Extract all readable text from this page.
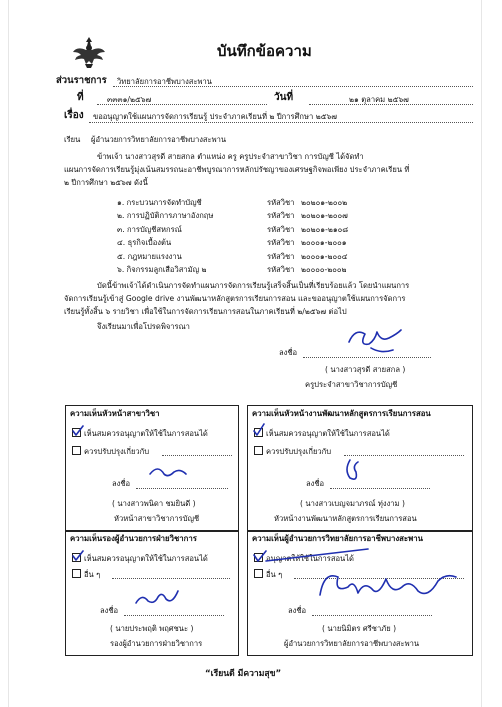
บันทึกข้อความ
ส่วนราชการ วิทยาลัยการอาชีพบางสะพาน
ที่	๓๓๓๑/๒๕๖๗	วันที่	๒๑ ตุลาคม ๒๕๖๗
เรื่อง ขออนุญาตใช้แผนการจัดการเรียนรู้ ประจำภาคเรียนที่ ๒ ปีการศึกษา ๒๕๖๗
เรียน ผู้อำนวยการวิทยาลัยการอาชีพบางสะพาน
ข้าพเจ้า นางสาวสุรดี สายสกล ตำแหน่ง ครู ครูประจำสาขาวิชา การบัญชี ได้จัดทำ
แผนการจัดการเรียนรู้มุ่งเน้นสมรรถนะอาชีพบูรณาการหลักปรัชญาของเศรษฐกิจพอเพียง ประจำภาคเรียน ที่
๒ ปีการศึกษา ๒๕๖๗ ดังนี้
๑. กระบวนการจัดทำบัญชี	รหัสวิชา	๒๐๒๐๑-๒๐๐๒
๒. การปฏิบัติการภาษาอังกฤษ	รหัสวิชา	๒๐๒๐๑-๒๐๐๗
๓. การบัญชีสหกรณ์	รหัสวิชา	๒๐๒๐๑-๒๑๐๘
๔. ธุรกิจเบื้องต้น	รหัสวิชา	๒๐๐๐๑-๒๐๐๑
๕. กฎหมายแรงงาน	รหัสวิชา	๒๐๐๐๑-๒๐๐๔
๖. กิจกรรมลูกเสือวิสามัญ ๒	รหัสวิชา	๒๐๐๐๐-๒๐๐๒
บัดนี้ข้าพเจ้าได้ดำเนินการจัดทำแผนการจัดการเรียนรู้เสร็จสิ้นเป็นที่เรียบร้อยแล้ว โดยนำแผนการ
จัดการเรียนรู้เข้าสู่ Google drive งานพัฒนาหลักสูตรการเรียนการสอน และขออนุญาตใช้แผนการจัดการ
เรียนรู้ทั้งสิ้น ๖ รายวิชา เพื่อใช้ในการจัดการเรียนการสอนในภาคเรียนที่ ๒/๒๕๖๗ ต่อไป
จึงเรียนมาเพื่อโปรดพิจารณา
ลงชื่อ
( นางสาวสุรดี สายสกล )
ครูประจำสาขาวิชาการบัญชี
ความเห็นหัวหน้าสาขาวิชา
เห็นสมควรอนุญาตให้ใช้ในการสอนได้
ควรปรับปรุงเกี่ยวกับ
ลงชื่อ
( นางสาวพนิดา ชมยินดี )
หัวหน้าสาขาวิชาการบัญชี
ความเห็นหัวหน้างานพัฒนาหลักสูตรการเรียนการสอน
เห็นสมควรอนุญาตให้ใช้ในการสอนได้
ควรปรับปรุงเกี่ยวกับ
ลงชื่อ
( นางสาวเบญจมาภรณ์ ทุ่งงาม )
หัวหน้างานพัฒนาหลักสูตรการเรียนการสอน
ความเห็นรองผู้อำนวยการฝ่ายวิชาการ
เห็นสมควรอนุญาตให้ใช้ในการสอนได้
อื่น ๆ
ลงชื่อ
( นายประพฤติ พฤศชนะ )
รองผู้อำนวยการฝ่ายวิชาการ
ความเห็นผู้อำนวยการวิทยาลัยการอาชีพบางสะพาน
อนุญาตให้ใช้ในการสอนได้
อื่น ๆ
ลงชื่อ
( นายนิมิตร ศรีชาภัย )
ผู้อำนวยการวิทยาลัยการอาชีพบางสะพาน
“เรียนดี มีความสุข”
